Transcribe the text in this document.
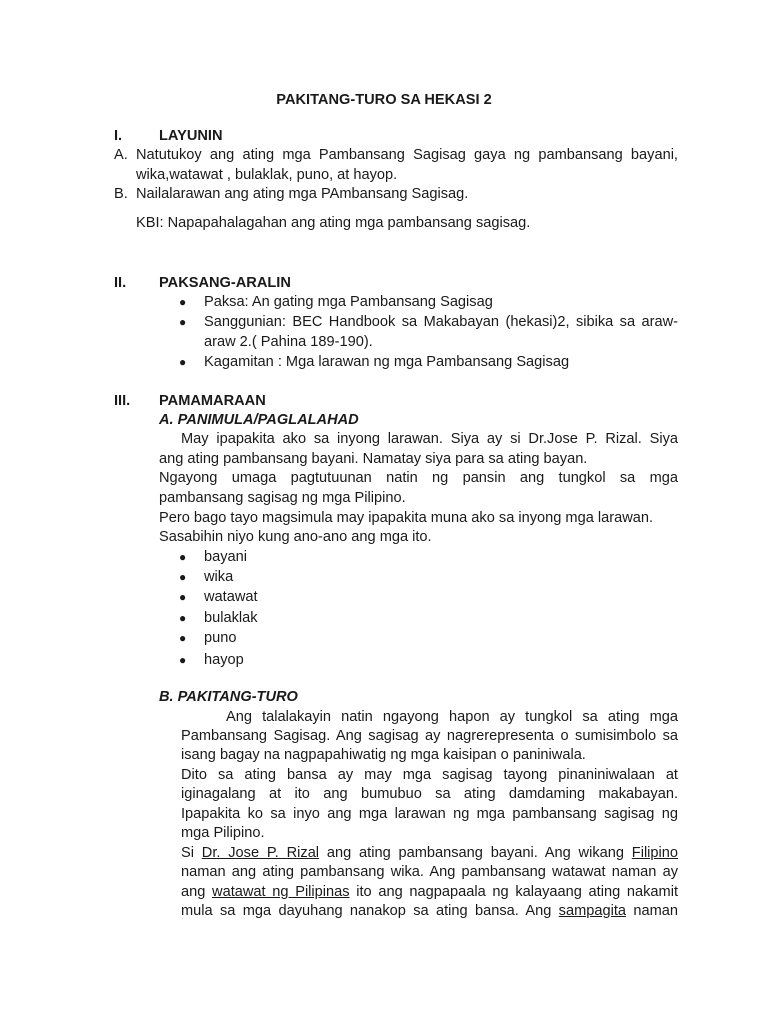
PAKITANG-TURO SA HEKASI 2
I.	LAYUNIN
A. Natutukoy ang ating mga Pambansang Sagisag gaya ng pambansang bayani,
wika,watawat , bulaklak, puno, at hayop.
B. Nailalarawan ang ating mga PAmbansang Sagisag.
KBI: Napapahalagahan ang ating mga pambansang sagisag.
II. PAKSANG-ARALIN
● Paksa: An gating mga Pambansang Sagisag
● Sanggunian: BEC Handbook sa Makabayan (hekasi)2, sibika sa araw-
araw 2.( Pahina 189-190).
● Kagamitan : Mga larawan ng mga Pambansang Sagisag
III. PAMAMARAAN
A. PANIMULA/PAGLALAHAD
May ipapakita ako sa inyong larawan. Siya ay si Dr.Jose P. Rizal. Siya
ang ating pambansang bayani. Namatay siya para sa ating bayan.
Ngayong umaga pagtutuunan natin ng pansin ang tungkol sa mga
pambansang sagisag ng mga Pilipino.
Pero bago tayo magsimula may ipapakita muna ako sa inyong mga larawan.
Sasabihin niyo kung ano-ano ang mga ito.
● bayani
● wika
● watawat
● bulaklak
● puno
● hayop
B. PAKITANG-TURO
Ang talalakayin natin ngayong hapon ay tungkol sa ating mga
Pambansang Sagisag. Ang sagisag ay nagrerepresenta o sumisimbolo sa
isang bagay na nagpapahiwatig ng mga kaisipan o paniniwala.
Dito sa ating bansa ay may mga sagisag tayong pinaniniwalaan at
iginagalang at ito ang bumubuo sa ating damdaming makabayan.
Ipapakita ko sa inyo ang mga larawan ng mga pambansang sagisag ng
mga Pilipino.
Si Dr. Jose P. Rizal ang ating pambansang bayani. Ang wikang Filipino
naman ang ating pambansang wika. Ang pambansang watawat naman ay
ang watawat ng Pilipinas ito ang nagpapaala ng kalayaang ating nakamit
mula sa mga dayuhang nanakop sa ating bansa. Ang sampagita naman
